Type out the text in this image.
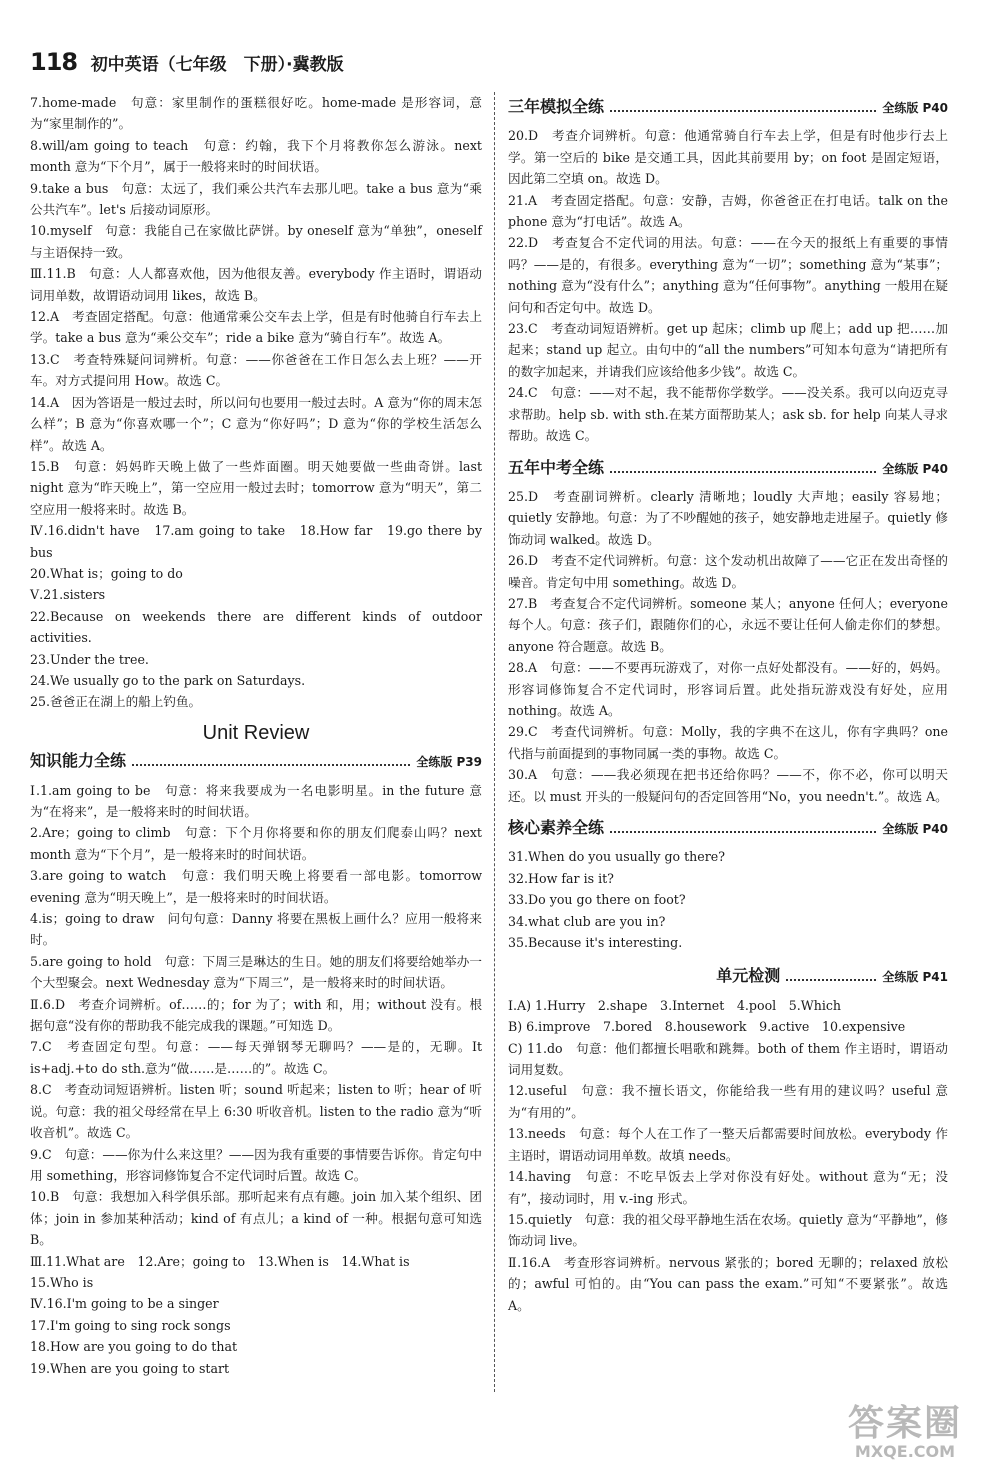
118 初中英语（七年级　下册）·冀教版

7.home-made　句意：家里制作的蛋糕很好吃。home-made 是形容词，意为“家里制作的”。

8.will/am going to teach　句意：约翰，我下个月将教你怎么游泳。next month 意为“下个月”，属于一般将来时的时间状语。

9.take a bus　句意：太远了，我们乘公共汽车去那儿吧。take a bus 意为“乘公共汽车”。let's 后接动词原形。

10.myself　句意：我能自己在家做比萨饼。by oneself 意为“单独”，oneself 与主语保持一致。

Ⅲ.11.B　句意：人人都喜欢他，因为他很友善。everybody 作主语时，谓语动词用单数，故谓语动词用 likes，故选 B。

12.A　考查固定搭配。句意：他通常乘公交车去上学，但是有时他骑自行车去上学。take a bus 意为“乘公交车”；ride a bike 意为“骑自行车”。故选 A。

13.C　考查特殊疑问词辨析。句意：——你爸爸在工作日怎么去上班？——开车。对方式提问用 How。故选 C。

14.A　因为答语是一般过去时，所以问句也要用一般过去时。A 意为“你的周末怎么样”；B 意为“你喜欢哪一个”；C 意为“你好吗”；D 意为“你的学校生活怎么样”。故选 A。

15.B　句意：妈妈昨天晚上做了一些炸面圈。明天她要做一些曲奇饼。last night 意为“昨天晚上”，第一空应用一般过去时；tomorrow 意为“明天”，第二空应用一般将来时。故选 B。

Ⅳ.16.didn't have　17.am going to take　18.How far　19.go there by bus

20.What is；going to do

Ⅴ.21.sisters

22.Because on weekends there are different kinds of outdoor activities.

23.Under the tree.

24.We usually go to the park on Saturdays.

25.爸爸正在湖上的船上钓鱼。

Unit Review
知识能力全练	全练版 P39

Ⅰ.1.am going to be　句意：将来我要成为一名电影明星。in the future 意为“在将来”，是一般将来时的时间状语。

2.Are；going to climb　句意：下个月你将要和你的朋友们爬泰山吗？next month 意为“下个月”，是一般将来时的时间状语。

3.are going to watch　句意：我们明天晚上将要看一部电影。tomorrow evening 意为“明天晚上”，是一般将来时的时间状语。

4.is；going to draw　问句句意：Danny 将要在黑板上画什么？应用一般将来时。

5.are going to hold　句意：下周三是琳达的生日。她的朋友们将要给她举办一个大型聚会。next Wednesday 意为“下周三”，是一般将来时的时间状语。

Ⅱ.6.D　考查介词辨析。of……的；for 为了；with 和，用；without 没有。根据句意“没有你的帮助我不能完成我的课题。”可知选 D。

7.C　考查固定句型。句意：——每天弹钢琴无聊吗？——是的，无聊。It is+adj.+to do sth.意为“做……是……的”。故选 C。

8.C　考查动词短语辨析。listen 听；sound 听起来；listen to 听；hear of 听说。句意：我的祖父母经常在早上 6:30 听收音机。listen to the radio 意为“听收音机”。故选 C。

9.C　句意：——你为什么来这里？——因为我有重要的事情要告诉你。肯定句中用 something，形容词修饰复合不定代词时后置。故选 C。

10.B　句意：我想加入科学俱乐部。那听起来有点有趣。join 加入某个组织、团体；join in 参加某种活动；kind of 有点儿；a kind of 一种。根据句意可知选 B。

Ⅲ.11.What are　12.Are；going to　13.When is　14.What is

15.Who is

Ⅳ.16.I'm going to be a singer

17.I'm going to sing rock songs

18.How are you going to do that

19.When are you going to start

三年模拟全练	全练版 P40

20.D　考查介词辨析。句意：他通常骑自行车去上学，但是有时他步行去上学。第一空后的 bike 是交通工具，因此其前要用 by；on foot 是固定短语，因此第二空填 on。故选 D。

21.A　考查固定搭配。句意：安静，吉姆，你爸爸正在打电话。talk on the phone 意为“打电话”。故选 A。

22.D　考查复合不定代词的用法。句意：——在今天的报纸上有重要的事情吗？——是的，有很多。everything 意为“一切”；something 意为“某事”；nothing 意为“没有什么”；anything 意为“任何事物”。anything 一般用在疑问句和否定句中。故选 D。

23.C　考查动词短语辨析。get up 起床；climb up 爬上；add up 把……加起来；stand up 起立。由句中的“all the numbers”可知本句意为“请把所有的数字加起来，并请我们应该给他多少钱”。故选 C。

24.C　句意：——对不起，我不能帮你学数学。——没关系。我可以向迈克寻求帮助。help sb. with sth.在某方面帮助某人；ask sb. for help 向某人寻求帮助。故选 C。

五年中考全练	全练版 P40

25.D　考查副词辨析。clearly 清晰地；loudly 大声地；easily 容易地；quietly 安静地。句意：为了不吵醒她的孩子，她安静地走进屋子。quietly 修饰动词 walked。故选 D。

26.D　考查不定代词辨析。句意：这个发动机出故障了——它正在发出奇怪的噪音。肯定句中用 something。故选 D。

27.B　考查复合不定代词辨析。someone 某人；anyone 任何人；everyone 每个人。句意：孩子们，跟随你们的心，永远不要让任何人偷走你们的梦想。anyone 符合题意。故选 B。

28.A　句意：——不要再玩游戏了，对你一点好处都没有。——好的，妈妈。形容词修饰复合不定代词时，形容词后置。此处指玩游戏没有好处，应用 nothing。故选 A。

29.C　考查代词辨析。句意：Molly，我的字典不在这儿，你有字典吗？one 代指与前面提到的事物同属一类的事物。故选 C。

30.A　句意：——我必须现在把书还给你吗？——不，你不必，你可以明天还。以 must 开头的一般疑问句的否定回答用“No，you needn't.”。故选 A。

核心素养全练	全练版 P40

31.When do you usually go there?

32.How far is it?

33.Do you go there on foot?

34.what club are you in?

35.Because it's interesting.

单元检测	全练版 P41

Ⅰ.A) 1.Hurry　2.shape　3.Internet　4.pool　5.Which

B) 6.improve　7.bored　8.housework　9.active　10.expensive

C) 11.do　句意：他们都擅长唱歌和跳舞。both of them 作主语时，谓语动词用复数。

12.useful　句意：我不擅长语文，你能给我一些有用的建议吗？useful 意为“有用的”。

13.needs　句意：每个人在工作了一整天后都需要时间放松。everybody 作主语时，谓语动词用单数。故填 needs。

14.having　句意：不吃早饭去上学对你没有好处。without 意为“无；没有”，接动词时，用 v.-ing 形式。

15.quietly　句意：我的祖父母平静地生活在农场。quietly 意为“平静地”，修饰动词 live。

Ⅱ.16.A　考查形容词辨析。nervous 紧张的；bored 无聊的；relaxed 放松的；awful 可怕的。由“You can pass the exam.”可知“不要紧张”。故选 A。

答案圈
MXQE.COM
